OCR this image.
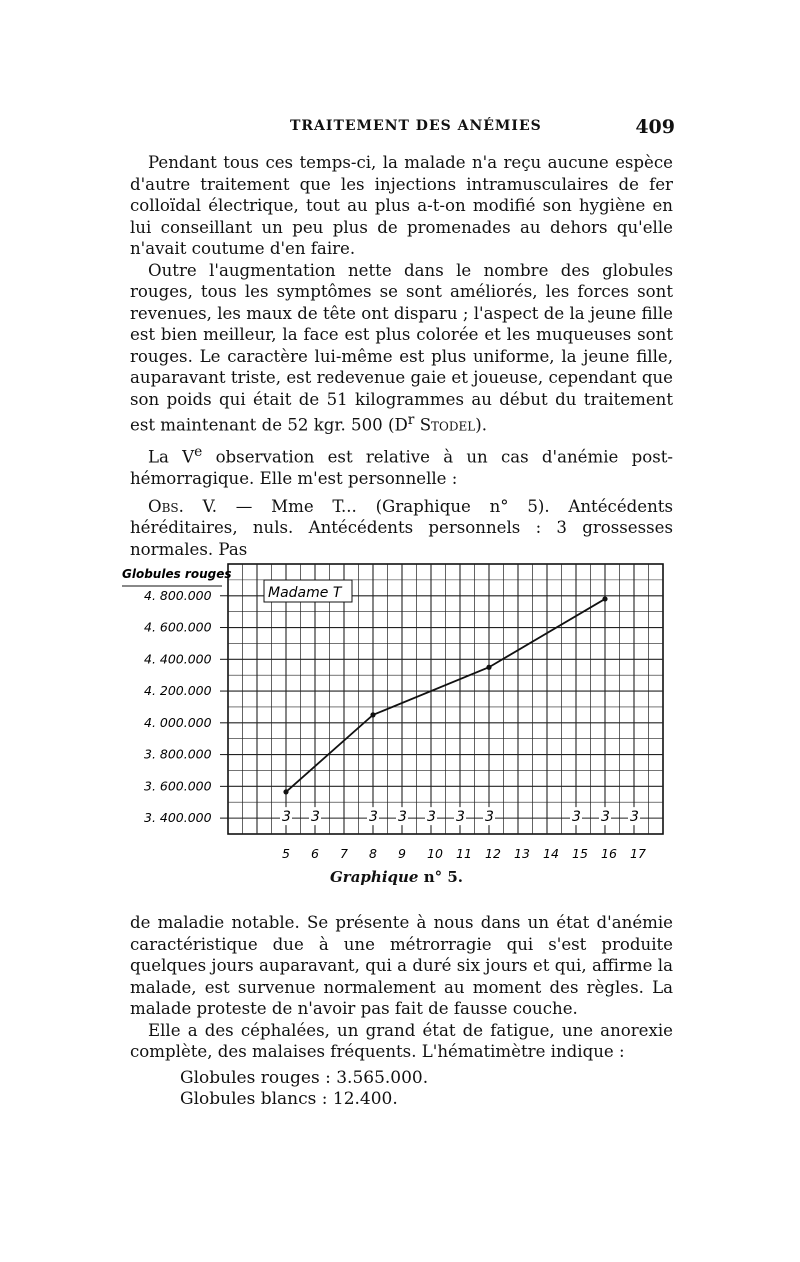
TRAITEMENT DES ANÉMIES	409

Pendant tous ces temps-ci, la malade n'a reçu aucune espèce d'autre traitement que les injections intramusculaires de fer colloïdal électrique, tout au plus a-t-on modifié son hygiène en lui conseillant un peu plus de promenades au dehors qu'elle n'avait coutume d'en faire.

Outre l'augmentation nette dans le nombre des globules rouges, tous les symptômes se sont améliorés, les forces sont revenues, les maux de tête ont disparu ; l'aspect de la jeune fille est bien meilleur, la face est plus colorée et les muqueuses sont rouges. Le caractère lui-même est plus uniforme, la jeune fille, auparavant triste, est redevenue gaie et joueuse, cependant que son poids qui était de 51 kilogrammes au début du traitement est maintenant de 52 kgr. 500 ($D^r$ Stodel).

La Ve observation est relative à un cas d'anémie post-hémorragique. Elle m'est personnelle :

Obs. V. — Mme T... (Graphique n° 5). Antécédents héréditaires, nuls. Antécédents personnels : 3 grossesses normales. Pas

Globules rouges
4. 800.000
4. 600.000
4. 400.000
4. 200.000
4. 000.000
3. 800.000
3. 600.000
3. 400.000
5 6 7 8 9 10 11 12 13 14 15 16 17
Madame T
3 3	3 3 3 3 3	3 3 3
Graphique n° 5.

de maladie notable. Se présente à nous dans un état d'anémie caractéristique due à une métrorragie qui s'est produite quelques jours auparavant, qui a duré six jours et qui, affirme la malade, est survenue normalement au moment des règles. La malade proteste de n'avoir pas fait de fausse couche.

Elle a des céphalées, un grand état de fatigue, une anorexie complète, des malaises fréquents. L'hématimètre indique :

Globules rouges : 3.565.000.
Globules blancs : 12.400.
